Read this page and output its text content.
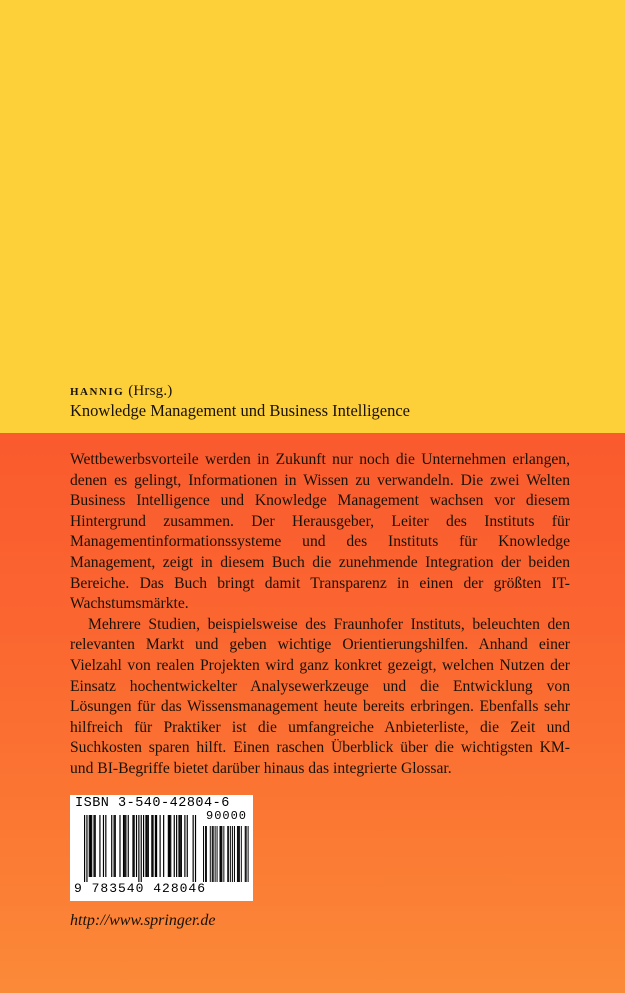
hannig (Hrsg.)
Knowledge Management und Business Intelligence

Wettbewerbsvorteile werden in Zukunft nur noch die Unternehmen erlangen, denen es gelingt, Informationen in Wissen zu verwandeln. Die zwei Welten Business Intelligence und Knowledge Management wachsen vor diesem Hintergrund zusammen. Der Herausgeber, Leiter des Instituts für Managementinformationssysteme und des Instituts für Knowledge Management, zeigt in diesem Buch die zunehmende Integration der beiden Bereiche. Das Buch bringt damit Transparenz in einen der größten IT-Wachstumsmärkte.

Mehrere Studien, beispielsweise des Fraunhofer Instituts, beleuchten den relevanten Markt und geben wichtige Orientierungshilfen. Anhand einer Vielzahl von realen Projekten wird ganz konkret gezeigt, welchen Nutzen der Einsatz hochentwickelter Analysewerkzeuge und die Entwicklung von Lösungen für das Wissensmanagement heute bereits erbringen. Ebenfalls sehr hilfreich für Praktiker ist die umfangreiche Anbieterliste, die Zeit und Suchkosten sparen hilft. Einen raschen Überblick über die wichtigsten KM- und BI-Begriffe bietet darüber hinaus das integrierte Glossar.

ISBN 3-540-42804-6
90000
9 783540 428046
http://www.springer.de
